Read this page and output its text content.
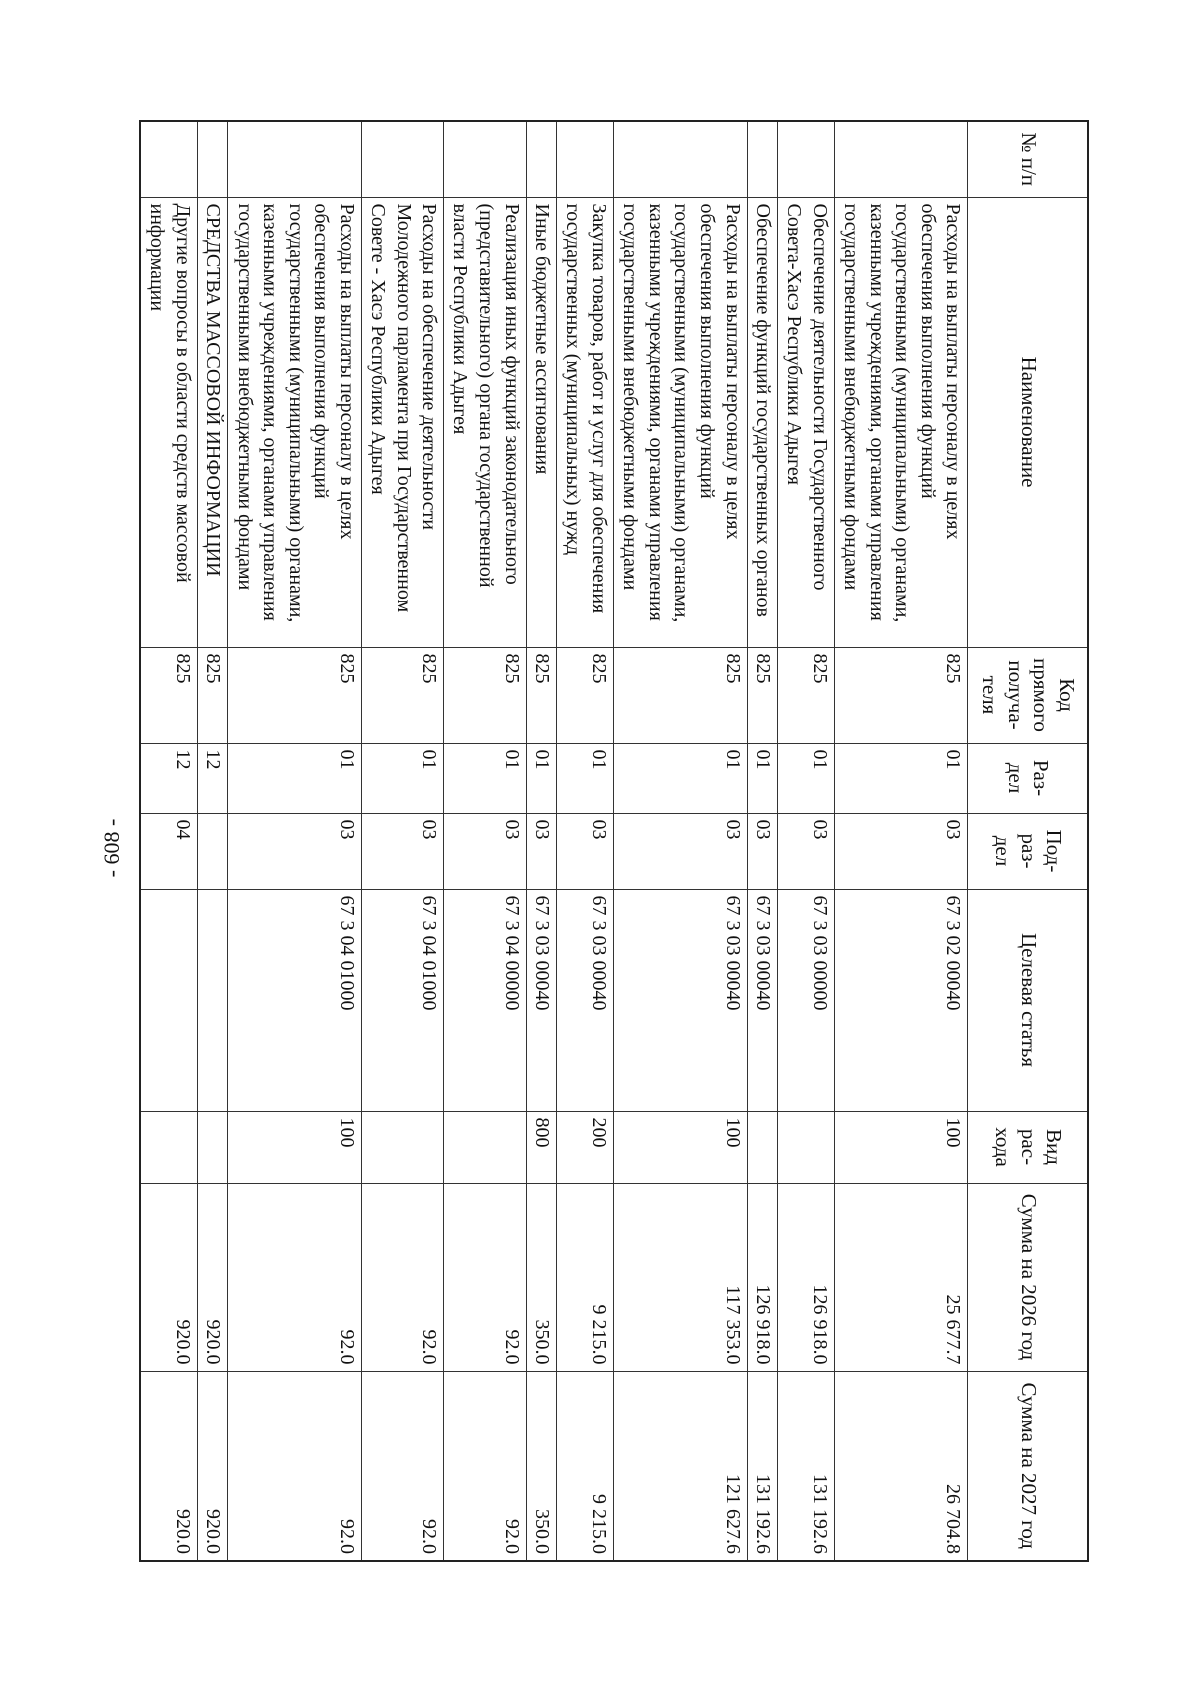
- 608 -
№ п/п	Наименование	Код прямого получа-теля	Раз-дел	Под-раз-дел	Целевая статья	Вид рас-хода	Сумма на 2026 год	Сумма на 2027 год
	Расходы на выплаты персоналу в целях обеспечения выполнения функций государственными (муниципальными) органами, казенными учреждениями, органами управления государственными внебюджетными фондами	825	01	03	67 3 02 00040	100	25 677.7	26 704.8
	Обеспечение деятельности Государственного Совета-Хасэ Республики Адыгея	825	01	03	67 3 03 00000		126 918.0	131 192.6
	Обеспечение функций государственных органов	825	01	03	67 3 03 00040		126 918.0	131 192.6
	Расходы на выплаты персоналу в целях обеспечения выполнения функций государственными (муниципальными) органами, казенными учреждениями, органами управления государственными внебюджетными фондами	825	01	03	67 3 03 00040	100	117 353.0	121 627.6
	Закупка товаров, работ и услуг для обеспечения государственных (муниципальных) нужд	825	01	03	67 3 03 00040	200	9 215.0	9 215.0
	Иные бюджетные ассигнования	825	01	03	67 3 03 00040	800	350.0	350.0
	Реализация иных функций законодательного (представительного) органа государственной власти Республики Адыгея	825	01	03	67 3 04 00000		92.0	92.0
	Расходы на обеспечение деятельности Молодежного парламента при Государственном Совете - Хасэ Республики Адыгея	825	01	03	67 3 04 01000		92.0	92.0
	Расходы на выплаты персоналу в целях обеспечения выполнения функций государственными (муниципальными) органами, казенными учреждениями, органами управления государственными внебюджетными фондами	825	01	03	67 3 04 01000	100	92.0	92.0
	СРЕДСТВА МАССОВОЙ ИНФОРМАЦИИ	825	12				920.0	920.0
	Другие вопросы в области средств массовой информации	825	12	04			920.0	920.0
